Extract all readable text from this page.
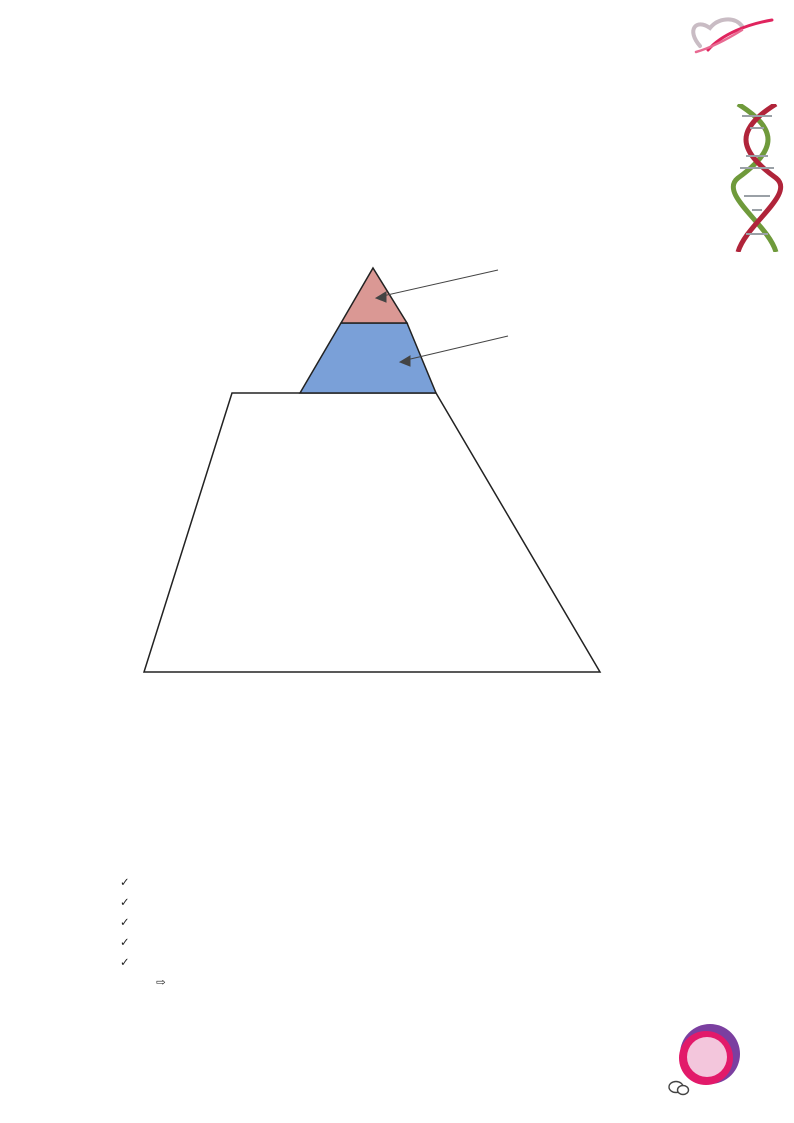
✓
✓
✓
✓
✓
⇨
